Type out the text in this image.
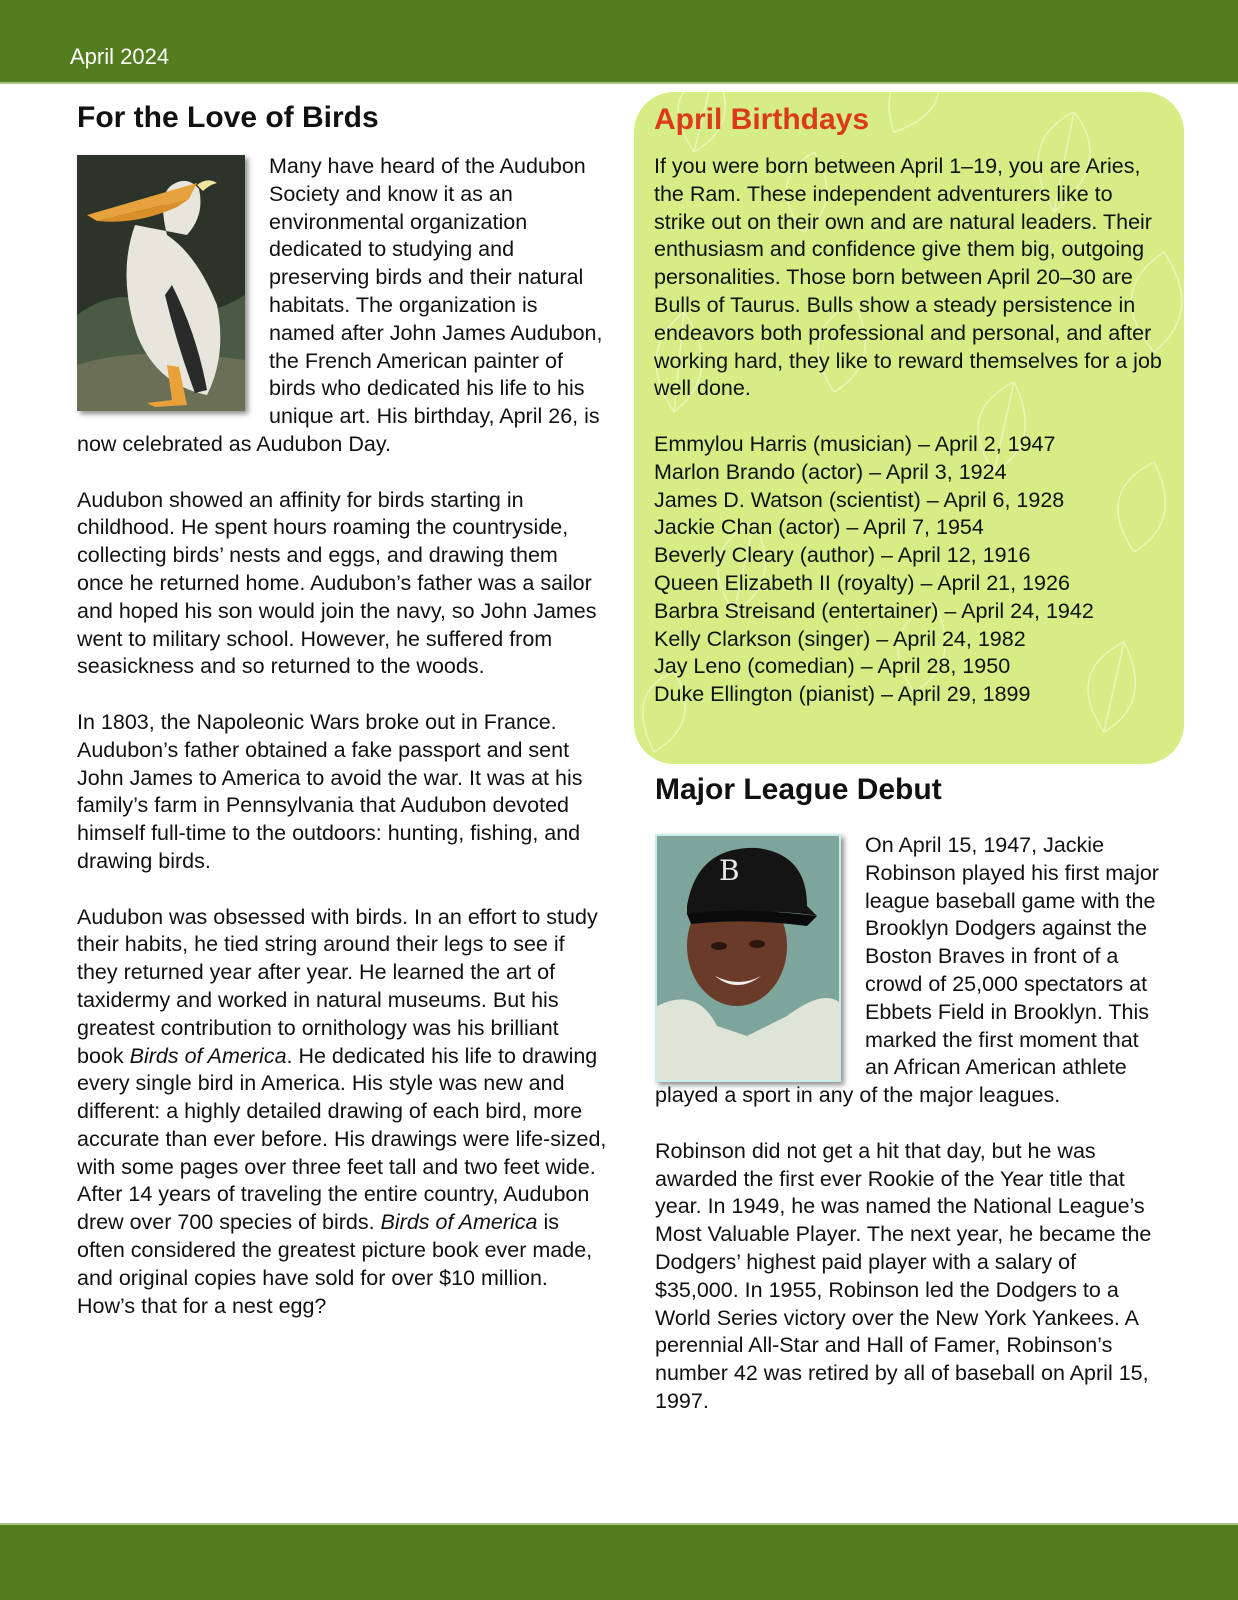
April 2024
For the Love of Birds

Many have heard of the Audubon Society and know it as an environmental organization dedicated to studying and preserving birds and their natural habitats. The organization is named after John James Audubon, the French American painter of birds who dedicated his life to his unique art. His birthday, April 26, is now celebrated as Audubon Day.

Audubon showed an affinity for birds starting in childhood. He spent hours roaming the countryside, collecting birds’ nests and eggs, and drawing them once he returned home. Audubon’s father was a sailor and hoped his son would join the navy, so John James went to military school. However, he suffered from seasickness and so returned to the woods.

In 1803, the Napoleonic Wars broke out in France. Audubon’s father obtained a fake passport and sent John James to America to avoid the war. It was at his family’s farm in Pennsylvania that Audubon devoted himself full-time to the outdoors: hunting, fishing, and drawing birds.

Audubon was obsessed with birds. In an effort to study their habits, he tied string around their legs to see if they returned year after year. He learned the art of taxidermy and worked in natural museums. But his greatest contribution to ornithology was his brilliant book Birds of America. He dedicated his life to drawing every single bird in America. His style was new and different: a highly detailed drawing of each bird, more accurate than ever before. His drawings were life-sized, with some pages over three feet tall and two feet wide. After 14 years of traveling the entire country, Audubon drew over 700 species of birds. Birds of America is often considered the greatest picture book ever made, and original copies have sold for over $10 million. How’s that for a nest egg?

April Birthdays

If you were born between April 1–19, you are Aries, the Ram. These independent adventurers like to strike out on their own and are natural leaders. Their enthusiasm and confidence give them big, outgoing personalities. Those born between April 20–30 are Bulls of Taurus. Bulls show a steady persistence in endeavors both professional and personal, and after working hard, they like to reward themselves for a job well done.

Emmylou Harris (musician) – April 2, 1947
Marlon Brando (actor) – April 3, 1924
James D. Watson (scientist) – April 6, 1928
Jackie Chan (actor) – April 7, 1954
Beverly Cleary (author) – April 12, 1916
Queen Elizabeth II (royalty) – April 21, 1926
Barbra Streisand (entertainer) – April 24, 1942
Kelly Clarkson (singer) – April 24, 1982
Jay Leno (comedian) – April 28, 1950
Duke Ellington (pianist) – April 29, 1899
Major League Debut
B

On April 15, 1947, Jackie Robinson played his first major league baseball game with the Brooklyn Dodgers against the Boston Braves in front of a crowd of 25,000 spectators at Ebbets Field in Brooklyn. This marked the first moment that an African American athlete played a sport in any of the major leagues.

Robinson did not get a hit that day, but he was awarded the first ever Rookie of the Year title that year. In 1949, he was named the National League’s Most Valuable Player. The next year, he became the Dodgers’ highest paid player with a salary of $35,000. In 1955, Robinson led the Dodgers to a World Series victory over the New York Yankees. A perennial All-Star and Hall of Famer, Robinson’s number 42 was retired by all of baseball on April 15, 1997.
